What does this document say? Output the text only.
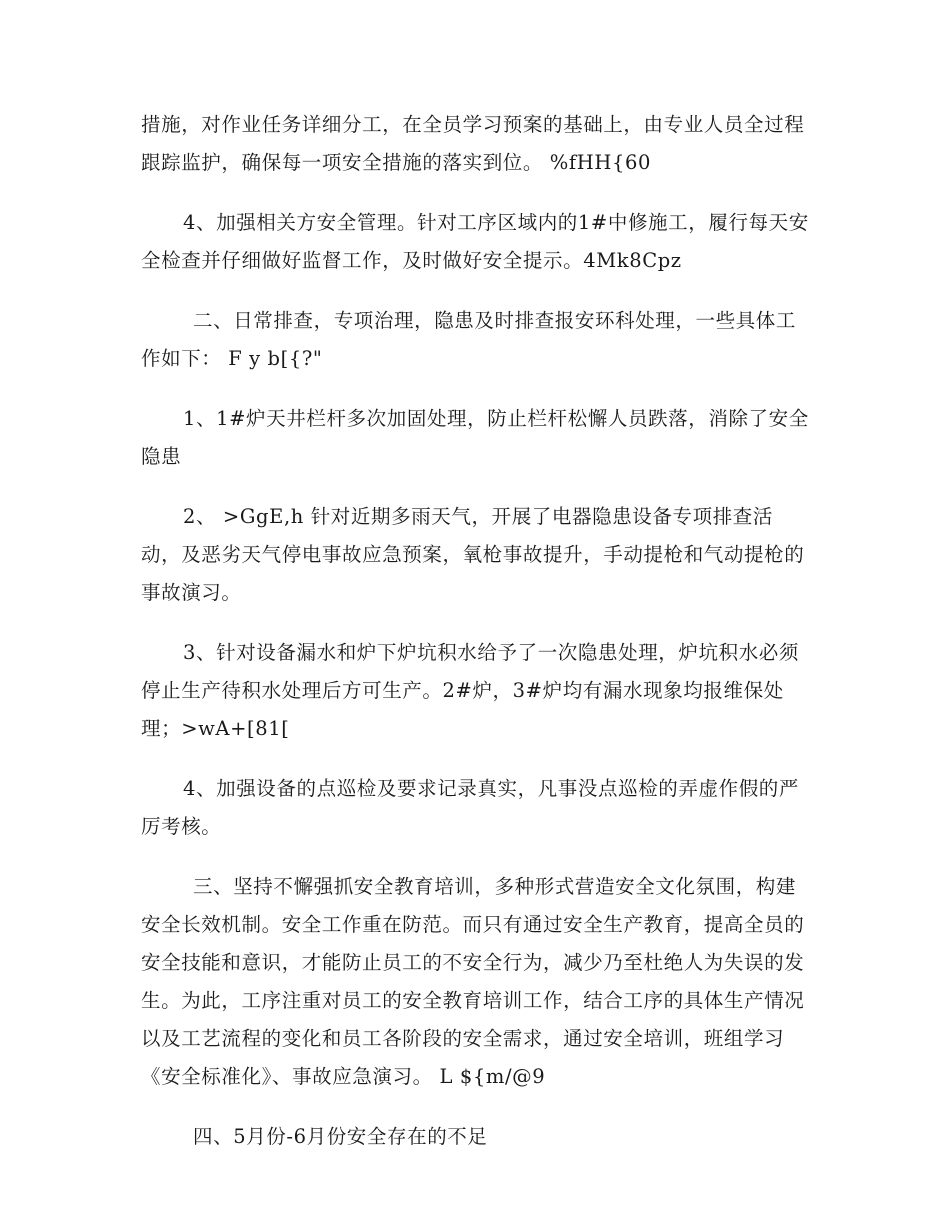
措施，对作业任务详细分工，在全员学习预案的基础上，由专业人员全过程跟踪监护，确保每一项安全措施的落实到位。 %fHH{60

4、加强相关方安全管理。针对工序区域内的1#中修施工，履行每天安全检查并仔细做好监督工作，及时做好安全提示。4Mk8Cpz

二、日常排查，专项治理，隐患及时排查报安环科处理，一些具体工作如下： F y b[{?"

1、1#炉天井栏杆多次加固处理，防止栏杆松懈人员跌落，消除了安全隐患

2、 >GgE,h 针对近期多雨天气，开展了电器隐患设备专项排查活动，及恶劣天气停电事故应急预案，氧枪事故提升，手动提枪和气动提枪的事故演习。

3、针对设备漏水和炉下炉坑积水给予了一次隐患处理，炉坑积水必须停止生产待积水处理后方可生产。2#炉，3#炉均有漏水现象均报维保处理；>wA+[81[

4、加强设备的点巡检及要求记录真实，凡事没点巡检的弄虚作假的严厉考核。

三、坚持不懈强抓安全教育培训，多种形式营造安全文化氛围，构建安全长效机制。安全工作重在防范。而只有通过安全生产教育，提高全员的安全技能和意识，才能防止员工的不安全行为，减少乃至杜绝人为失误的发生。为此，工序注重对员工的安全教育培训工作，结合工序的具体生产情况以及工艺流程的变化和员工各阶段的安全需求，通过安全培训，班组学习《安全标准化》、事故应急演习。 L ${m/@9

四、5月份-6月份安全存在的不足
